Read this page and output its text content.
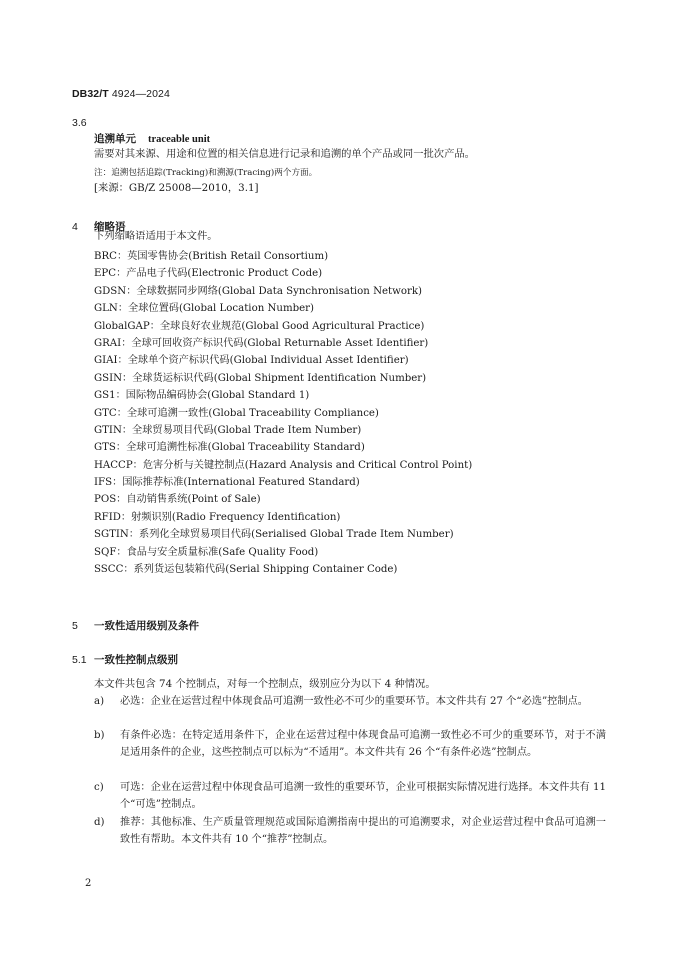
DB32/T 4924—2024
3.6
追溯单元 traceable unit
需要对其来源、用途和位置的相关信息进行记录和追溯的单个产品或同一批次产品。
注：追溯包括追踪(Tracking)和溯源(Tracing)两个方面。
[来源：GB/Z 25008—2010，3.1]
4 缩略语
下列缩略语适用于本文件。
BRC：英国零售协会(British Retail Consortium)
EPC：产品电子代码(Electronic Product Code)
GDSN：全球数据同步网络(Global Data Synchronisation Network)
GLN：全球位置码(Global Location Number)
GlobalGAP：全球良好农业规范(Global Good Agricultural Practice)
GRAI：全球可回收资产标识代码(Global Returnable Asset Identifier)
GIAI：全球单个资产标识代码(Global Individual Asset Identifier)
GSIN：全球货运标识代码(Global Shipment Identification Number)
GS1：国际物品编码协会(Global Standard 1)
GTC：全球可追溯一致性(Global Traceability Compliance)
GTIN：全球贸易项目代码(Global Trade Item Number)
GTS：全球可追溯性标准(Global Traceability Standard)
HACCP：危害分析与关键控制点(Hazard Analysis and Critical Control Point)
IFS：国际推荐标准(International Featured Standard)
POS：自动销售系统(Point of Sale)
RFID：射频识别(Radio Frequency Identification)
SGTIN：系列化全球贸易项目代码(Serialised Global Trade Item Number)
SQF：食品与安全质量标准(Safe Quality Food)
SSCC：系列货运包装箱代码(Serial Shipping Container Code)
5 一致性适用级别及条件
5.1 一致性控制点级别
本文件共包含 74 个控制点，对每一个控制点，级别应分为以下 4 种情况。
a)	必选：企业在运营过程中体现食品可追溯一致性必不可少的重要环节。本文件共有 27 个“必选”控制点。
b)	有条件必选：在特定适用条件下，企业在运营过程中体现食品可追溯一致性必不可少的重要环节，对于不满足适用条件的企业，这些控制点可以标为“不适用”。本文件共有 26 个“有条件必选”控制点。
c)	可选：企业在运营过程中体现食品可追溯一致性的重要环节，企业可根据实际情况进行选择。本文件共有 11 个“可选”控制点。
d)	推荐：其他标准、生产质量管理规范或国际追溯指南中提出的可追溯要求，对企业运营过程中食品可追溯一致性有帮助。本文件共有 10 个“推荐”控制点。
2
